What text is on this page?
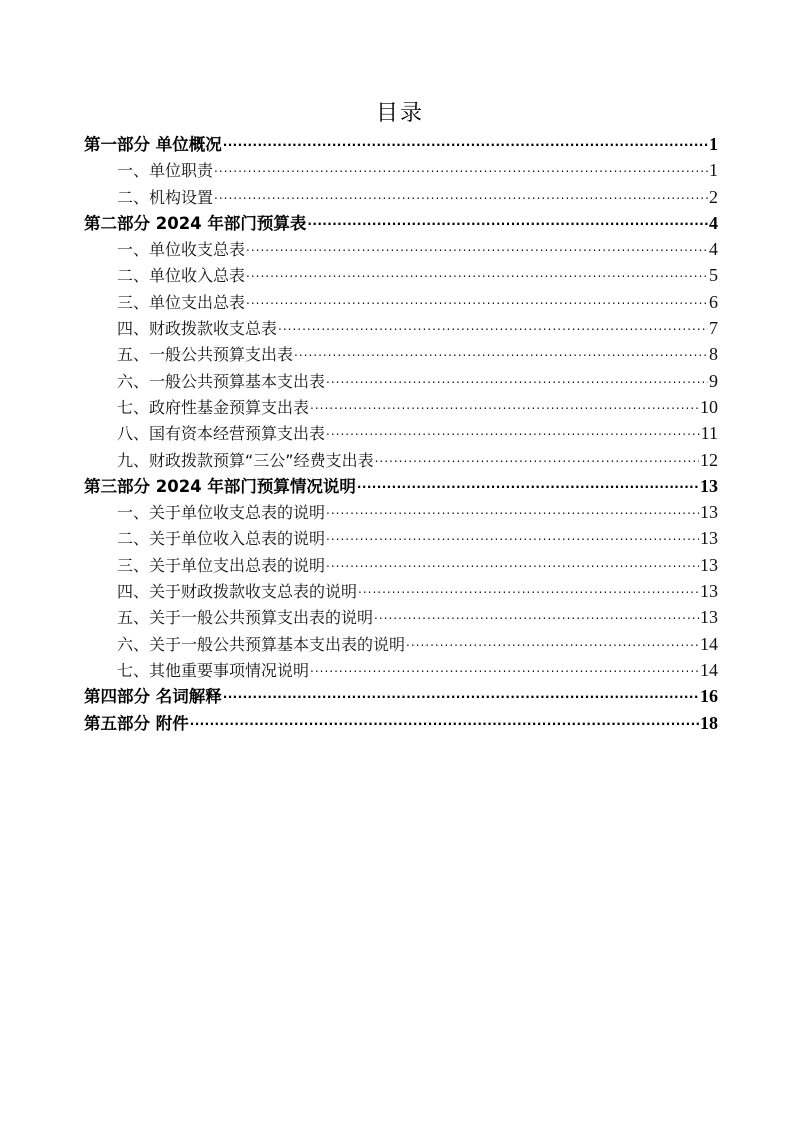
目录
第一部分 单位概况 .....	1
一、单位职责 .....	1
二、机构设置 .....	2
第二部分 2024 年部门预算表 .....	4
一、单位收支总表 .....	4
二、单位收入总表 .....	5
三、单位支出总表 .....	6
四、财政拨款收支总表 .....	7
五、一般公共预算支出表 .....	8
六、一般公共预算基本支出表 .....	9
七、政府性基金预算支出表 .....	10
八、国有资本经营预算支出表 .....	11
九、财政拨款预算“三公”经费支出表 .....	12
第三部分 2024 年部门预算情况说明 .....	13
一、关于单位收支总表的说明 .....	13
二、关于单位收入总表的说明 .....	13
三、关于单位支出总表的说明 .....	13
四、关于财政拨款收支总表的说明 .....	13
五、关于一般公共预算支出表的说明 .....	13
六、关于一般公共预算基本支出表的说明 .....	14
七、其他重要事项情况说明 .....	14
第四部分 名词解释 .....	16
第五部分 附件 .....	18
